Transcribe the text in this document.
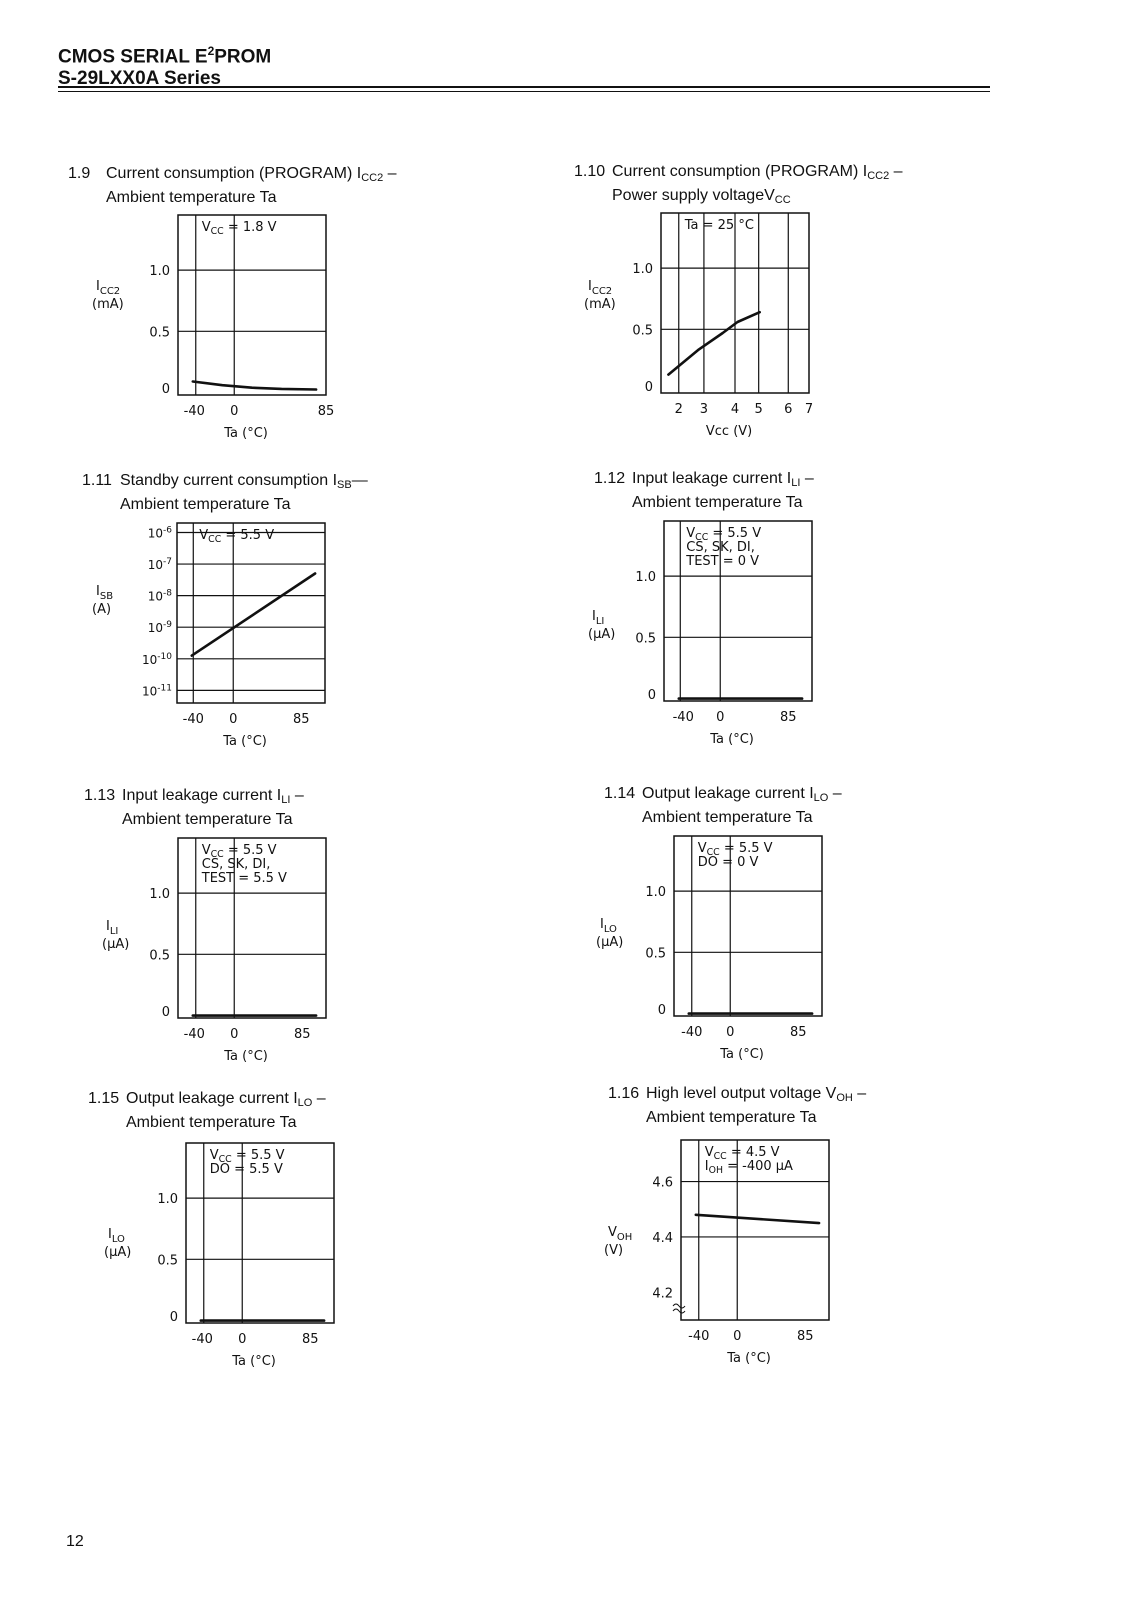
CMOS SERIAL $E^2PROM$
S-29LXX0A Series
1.9 Current consumption (PROGRAM) $I_{CC2}$ –
Ambient temperature Ta
0
0.5
1.0
-40 0	85
Ta (°C)
$I_{CC2}$
(mA)
$V_{CC} = 1.8$ V
1.10 Current consumption (PROGRAM) $I_{CC2}$ –
Power supply voltageV$_{CC}$
0
0.5
1.0
2 3 4 5 6 7
Vcc (V)
$I_{CC2}$
(mA)
Ta = 25 °C
1.11 Standby current consumption $I_{SB}—$
Ambient temperature Ta
$10^{-11}$
$10^{-10}$
$10^{-9}$
$10^{-8}$
$10^{-7}$
$10^{-6}$
-40 0	85
Ta (°C)
$I_{SB}$
(A)
$V_{CC} = 5.5$ V
1.12 Input leakage current $I_{LI}$ –
Ambient temperature Ta
0
0.5
1.0
-40 0	85
Ta (°C)
$I_{LI}$
(μA)
$V_{CC} = 5.5$ V
CS, SK, DI,
TEST = 0 V
1.13 Input leakage current $I_{LI}$ –
Ambient temperature Ta
0
0.5
1.0
-40 0	85
Ta (°C)
$I_{LI}$
(μA)
$V_{CC} = 5.5$ V
CS, SK, DI,
TEST = 5.5 V
1.14 Output leakage current $I_{LO}$ –
Ambient temperature Ta
0
0.5
1.0
-40 0	85
Ta (°C)
$I_{LO}$
(μA)
$V_{CC} = 5.5$ V
DO = 0 V
1.15 Output leakage current $I_{LO}$ –
Ambient temperature Ta
0
0.5
1.0
-40 0	85
Ta (°C)
$I_{LO}$
(μA)
$V_{CC} = 5.5$ V
DO = 5.5 V
1.16 High level output voltage $V_{OH}$ –
Ambient temperature Ta
4.2
4.4
4.6
-40 0	85
Ta (°C)
$V_{OH}$
(V)
$V_{CC} = 4.5$ V
$I_{OH} = -400$ μA
12
